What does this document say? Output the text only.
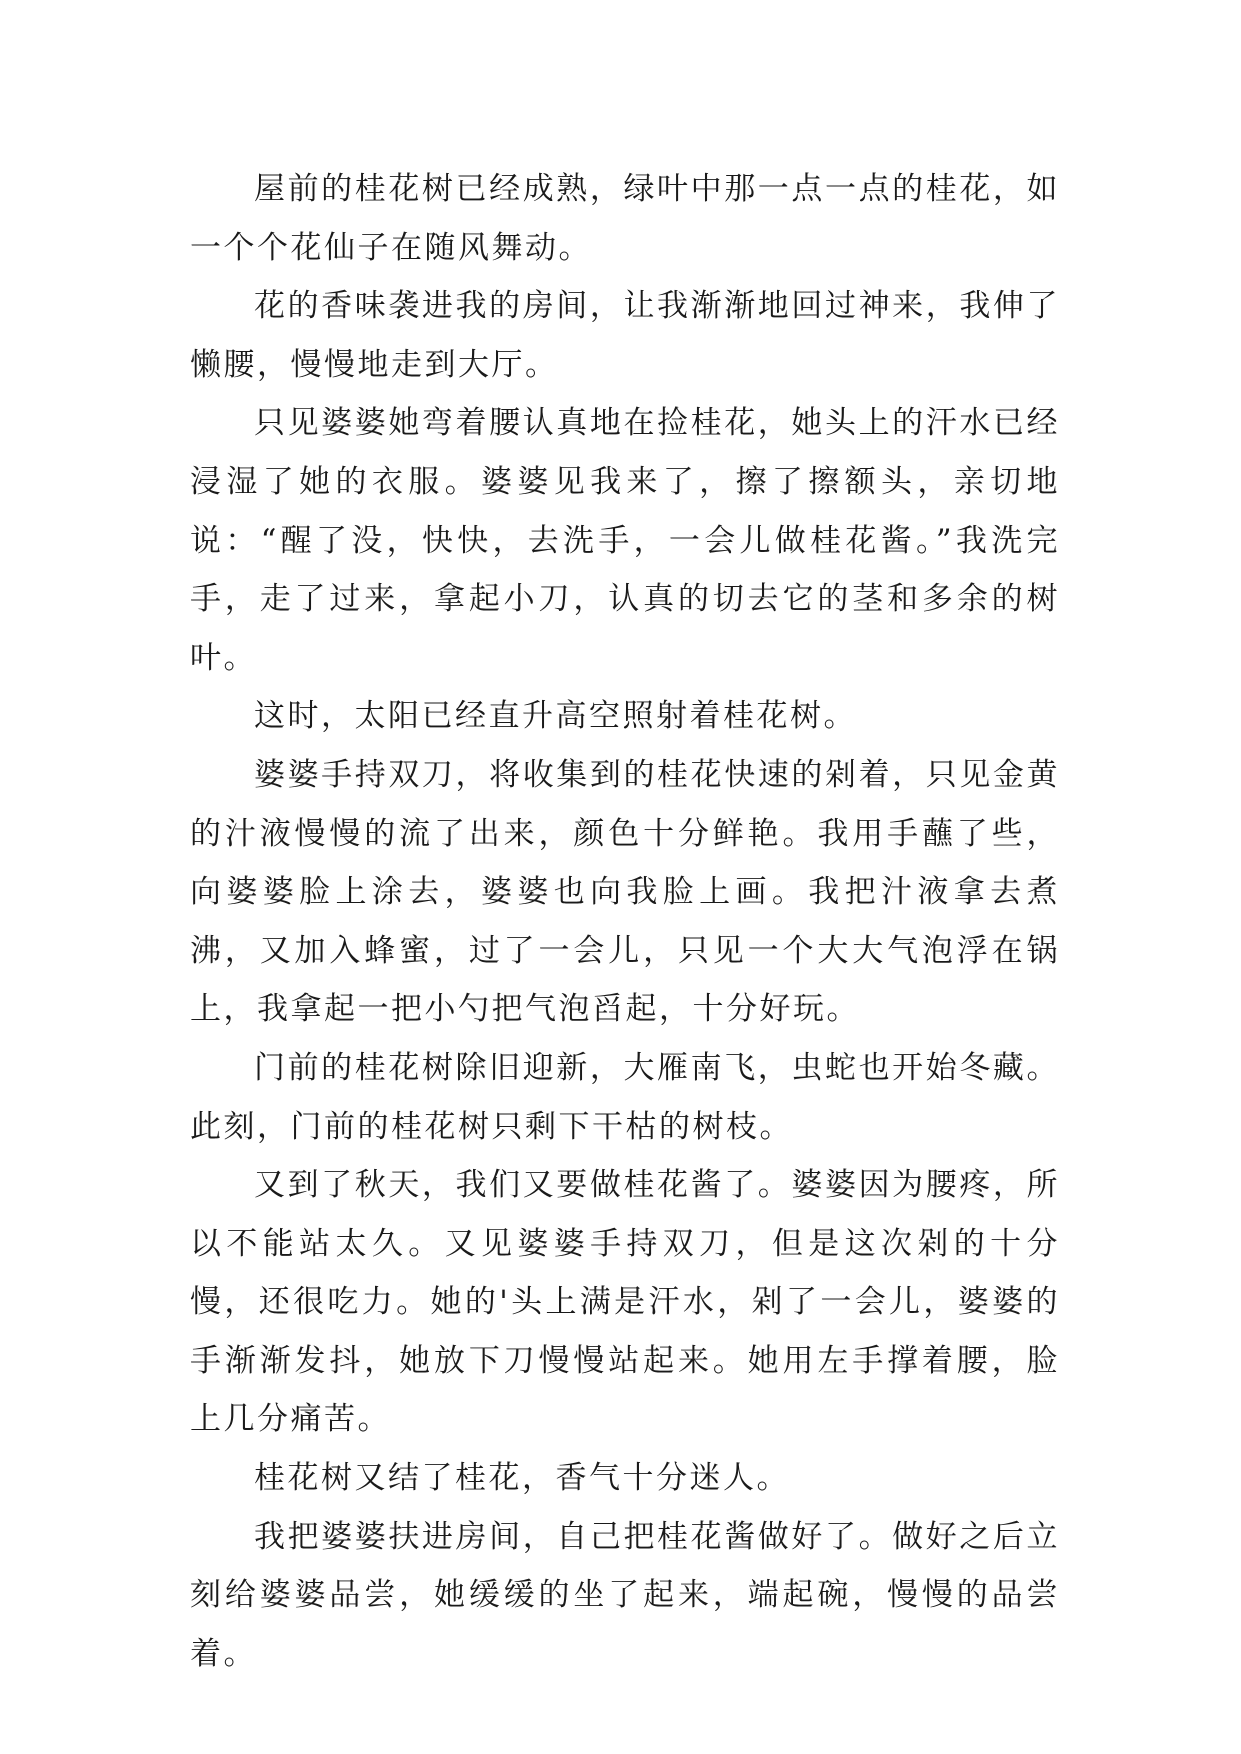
屋前的桂花树已经成熟，绿叶中那一点一点的桂花，如一个个花仙子在随风舞动。

花的香味袭进我的房间，让我渐渐地回过神来，我伸了懒腰，慢慢地走到大厅。

只见婆婆她弯着腰认真地在捡桂花，她头上的汗水已经浸湿了她的衣服。婆婆见我来了，擦了擦额头，亲切地说：“醒了没，快快，去洗手，一会儿做桂花酱。”我洗完手，走了过来，拿起小刀，认真的切去它的茎和多余的树叶。

这时，太阳已经直升高空照射着桂花树。

婆婆手持双刀，将收集到的桂花快速的剁着，只见金黄的汁液慢慢的流了出来，颜色十分鲜艳。我用手蘸了些，向婆婆脸上涂去，婆婆也向我脸上画。我把汁液拿去煮沸，又加入蜂蜜，过了一会儿，只见一个大大气泡浮在锅上，我拿起一把小勺把气泡舀起，十分好玩。

门前的桂花树除旧迎新，大雁南飞，虫蛇也开始冬藏。此刻，门前的桂花树只剩下干枯的树枝。

又到了秋天，我们又要做桂花酱了。婆婆因为腰疼，所以不能站太久。又见婆婆手持双刀，但是这次剁的十分慢，还很吃力。她的'头上满是汗水，剁了一会儿，婆婆的手渐渐发抖，她放下刀慢慢站起来。她用左手撑着腰，脸上几分痛苦。

桂花树又结了桂花，香气十分迷人。

我把婆婆扶进房间，自己把桂花酱做好了。做好之后立刻给婆婆品尝，她缓缓的坐了起来，端起碗，慢慢的品尝着。
